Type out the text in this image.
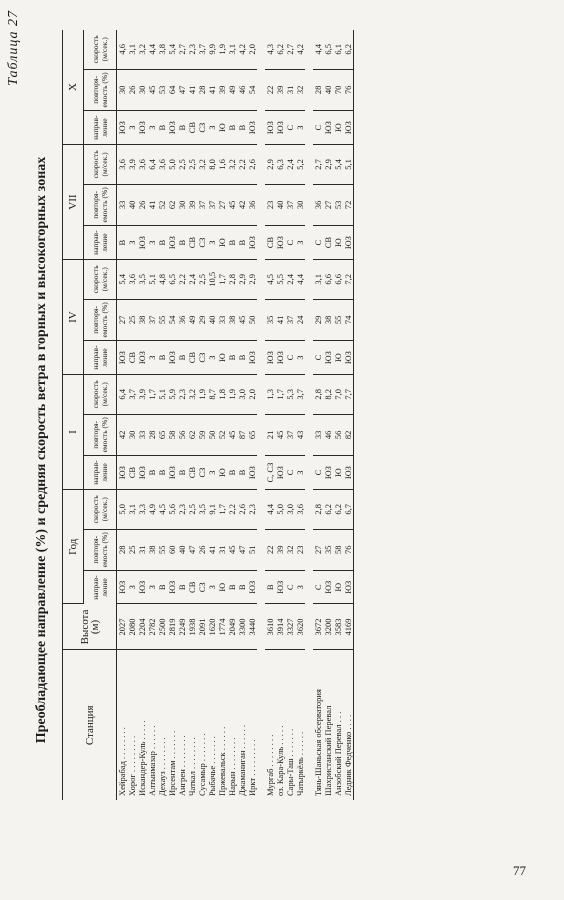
Таблица 27
Преобладающее направление (%) и средняя скорость ветра в горных и высокогорных зонах	Станция	Высота (м)	Год			I			IV			VII			X		
		направ-ление	повторя-емость (%)	скорость (м/сек.)	направ-ление	повторя-емость (%)	скорость (м/сек.)	направ-ление	повторя-емость (%)	скорость (м/сек.)	направ-ление	повторя-емость (%)	скорость (м/сек.)	направ-ление	повторя-емость (%)	скорость (м/сек.)
Хейрабад . . . . . . . .	2027	ЮЗ	28	5,0	ЮЗ	42	6,4	ЮЗ	27	5,4	В	33	3,6	ЮЗ	30	4,6
Хорог . . . . . . . . .	2080	З	25	3,1	СВ	30	3,7	СВ	25	3,6	З	40	3,9	З	26	3,1
Искандер-Куль . . . . .	2204	ЮЗ	31	3,3	ЮЗ	33	3,9	ЮЗ	38	3,5	ЮЗ	26	3,6	ЮЗ	30	3,2
Алтынмазар . . . . . .	2782	З	38	4,9	В	28	1,7	З	37	5,1	З	41	6,4	З	45	4,4
Дехауз . . . . . . . .	2500	В	55	4,5	В	65	5,1	В	55	4,8	В	52	3,6	В	53	3,8
Ирсентам . . . . . . .	2819	ЮЗ	60	5,6	ЮЗ	58	5,9	ЮЗ	54	6,5	ЮЗ	62	5,0	ЮЗ	64	5,4
Ангрен . . . . . . . .	2249	В	40	2,3	В	56	2,3	В	36	2,2	В	30	2,5	В	47	2,7
Чаткал . . . . . . . .	1938	СВ	47	2,5	СВ	62	3,2	СВ	49	2,4	СВ	39	2,5	СВ	41	2,3
Сусамыр . . . . . . .	2091	СЗ	26	3,5	СЗ	59	1,9	СЗ	29	2,5	СЗ	37	3,2	СЗ	28	3,7
Рыбачье . . . . . . .	1620	З	41	9,1	З	50	8,7	З	40	10,5	З	37	8,0	З	41	9,9
Пржевальск . . . . . .	1774	Ю	31	1,7	Ю	52	1,8	Ю	33	1,7	Ю	27	1,6	Ю	39	1,9
Нарын . . . . . . . .	2049	В	45	2,2	В	45	1,9	В	38	2,8	В	45	3,2	В	49	3,1
Джаманиган . . . . . .	3300	В	47	2,6	В	87	3,0	В	45	2,9	В	42	2,2	В	46	4,2
Иркт . . . . . . . . .	3440	ЮЗ	51	2,3	ЮЗ	65	2,0	ЮЗ	50	2,9	ЮЗ	36	2,6	ЮЗ	54	2,0

Мургаб . . . . . . . .	3610	В	22	4,4	С, СЗ	21	1,3	ЮЗ	35	4,5	СВ	23	2,9	ЮЗ	22	4,3
оз. Кара-Куль . . . . .	3914	ЮЗ	39	5,0	ЮЗ	45	1,7	ЮЗ	41	5,5	ЮЗ	40	6,3	ЮЗ	39	6,2
Сары-Таш . . . . . . .	3327	С	32	3,0	С	37	5,3	С	37	2,4	С	37	2,4	С	31	2,7
Чатыркёль . . . . . .	3620	З	23	3,6	З	43	3,7	З	24	4,4	З	30	5,2	З	32	4,2

Тянь-Шаньская обсерватория	3672	С	27	2,8	С	33	2,8	С	29	3,1	С	36	2,7	С	28	4,4
Шахристанский Перевал	3200	ЮЗ	35	6,2	ЮЗ	46	8,2	ЮЗ	38	6,6	СВ	27	2,9	ЮЗ	40	6,5
Анзобский Перевал . . .	3583	Ю	58	6,2	Ю	56	7,0	Ю	55	6,6	Ю	53	5,4	Ю	70	6,1
Ледник Федченко . . . .	4169	ЮЗ	76	6,7	ЮЗ	82	7,7	ЮЗ	74	7,2	ЮЗ	72	5,1	ЮЗ	76	6,2
77
